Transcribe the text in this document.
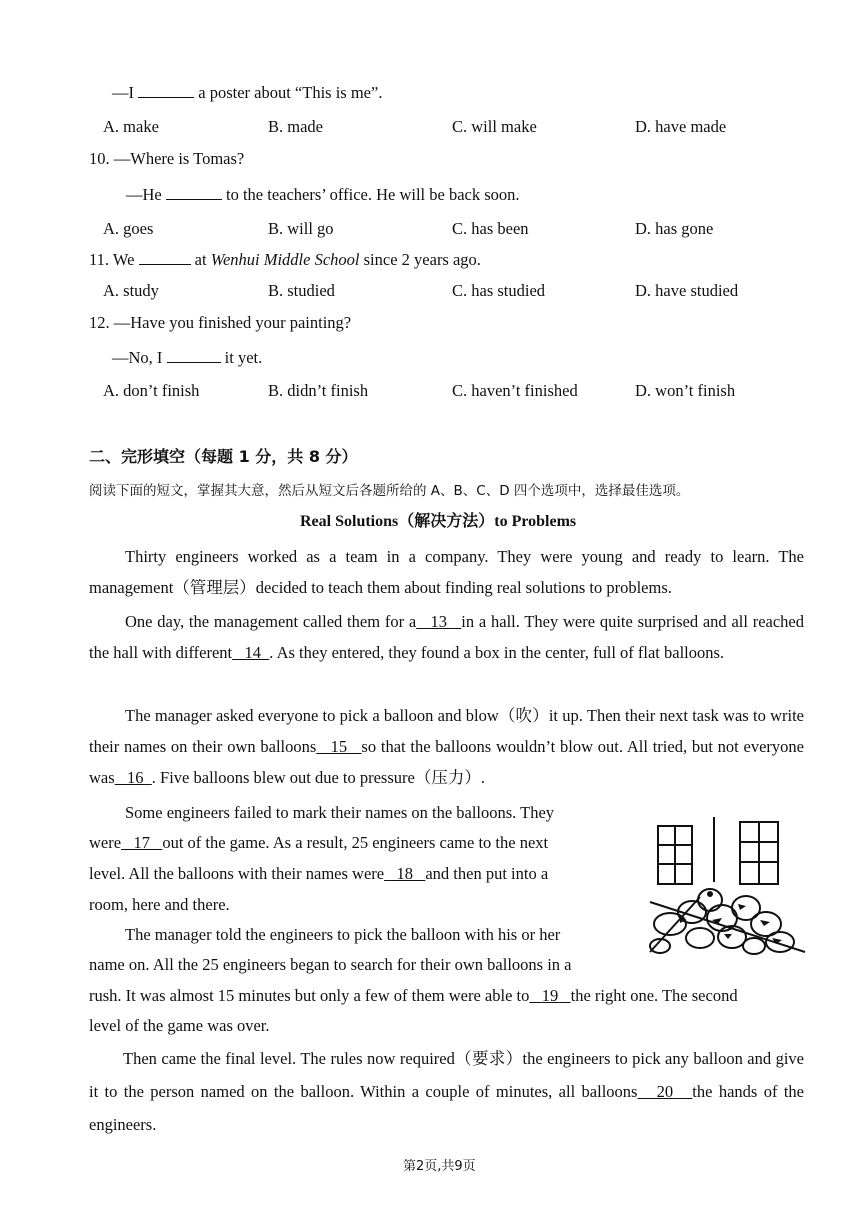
—I	a poster about “This is me”.
A. make	B. made	C. will make	D. have made
10. —Where is Tomas?
—He	to the teachers’ office. He will be back soon.
A. goes	B. will go	C. has been	D. has gone
11. We	at Wenhui Middle School since 2 years ago.
A. study	B. studied	C. has studied	D. have studied
12. —Have you finished your painting?
—No, I	it yet.
A. don’t finish	B. didn’t finish	C. haven’t finished	D. won’t finish
二、完形填空（每题 1 分，共 8 分）
阅读下面的短文，掌握其大意，然后从短文后各题所给的 A、B、C、D 四个选项中，选择最佳选项。
Real Solutions（解决方法）to Problems
Thirty engineers worked as a team in a company. They were young and ready to learn. The management（管理层）decided to teach them about finding real solutions to problems.
One day, the management called them for a 13 in a hall. They were quite surprised and all reached the hall with different 14 . As they entered, they found a box in the center, full of flat balloons.
The manager asked everyone to pick a balloon and blow（吹）it up. Then their next task was to write their names on their own balloons 15 so that the balloons wouldn’t blow out. All tried, but not everyone was 16 . Five balloons blew out due to pressure（压力）.
Some engineers failed to mark their names on the balloons. They
were 17 out of the game. As a result, 25 engineers came to the next
level. All the balloons with their names were 18 and then put into a
room, here and there.
The manager told the engineers to pick the balloon with his or her
name on. All the 25 engineers began to search for their own balloons in a
rush. It was almost 15 minutes but only a few of them were able to 19 the right one. The second
level of the game was over.
Then came the final level. The rules now required（要求）the engineers to pick any balloon and give it to the person named on the balloon. Within a couple of minutes, all balloons 20 the hands of the engineers.
第2页,共9页
